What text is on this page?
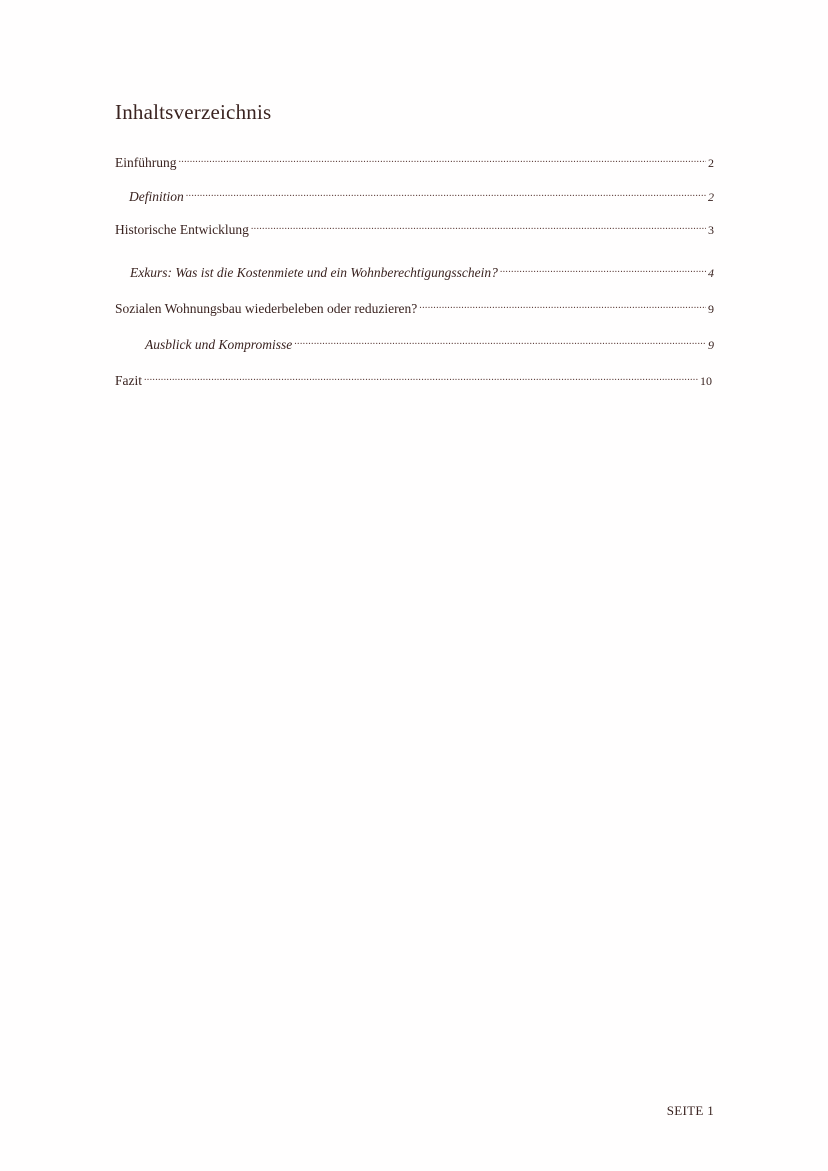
Inhaltsverzeichnis
Einführung .....	2
Definition .....	2
Historische Entwicklung .....	3
Exkurs: Was ist die Kostenmiete und ein Wohnberechtigungsschein? .....	4
Sozialen Wohnungsbau wiederbeleben oder reduzieren? .....	9
Ausblick und Kompromisse .....	9
Fazit .....	10
SEITE 1
